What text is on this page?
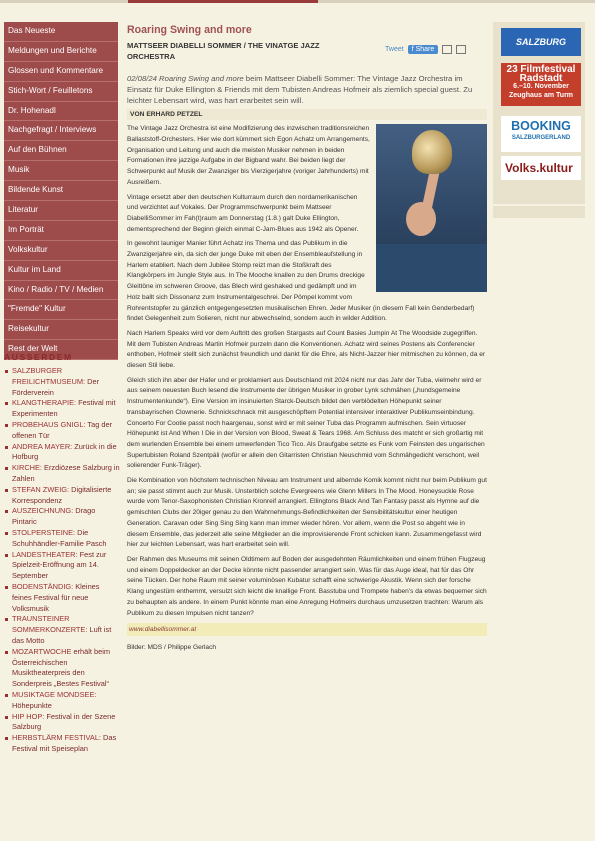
Das Neueste
Meldungen und Berichte
Glossen und Kommentare
Stich-Wort / Feuilletons
Dr. Hohenadl
Nachgefragt / Interviews
Auf den Bühnen
Musik
Bildende Kunst
Literatur
Im Porträt
Volkskultur
Kultur im Land
Kino / Radio / TV / Medien
"Fremde" Kultur
Reisekultur
Rest der Welt
AUSSERDEM
SALZBURGER FREILICHTMUSEUM: Der Förderverein
KLANGTHERAPIE: Festival mit Experimenten
PROBEHAUS GNIGL: Tag der offenen Tür
ANDREA MAYER: Zurück in die Hofburg
KIRCHE: Erzdiözese Salzburg in Zahlen
STEFAN ZWEIG: Digitalisierte Korrespondenz
AUSZEICHNUNG: Drago Pintaric
STOLPERSTEINE: Die Schuhhändler-Familie Pasch
LANDESTHEATER: Fest zur Spielzeit-Eröffnung am 14. September
BODENSTÄNDIG: Kleines feines Festival für neue Volksmusik
TRAUNSTEINER SOMMERKONZERTE: Luft ist das Motto
MOZARTWOCHE erhält beim Österreichischen Musiktheaterpreis den Sonderpreis „Bestes Festival“
MUSIKTAGE MONDSEE: Höhepunkte
HIP HOP: Festival in der Szene Salzburg
HERBSTLÄRM FESTIVAL: Das Festival mit Speiseplan
Roaring Swing and more
MATTSEER DIABELLI SOMMER / THE VINATGE JAZZ ORCHESTRA
Tweet	f Share
02/08/24 Roaring Swing and more beim Mattseer Diabelli Sommer: The Vintage Jazz Orchestra im Einsatz für Duke Ellington & Friends mit dem Tubisten Andreas Hofmeir als ziemlich special guest. Zu leichter Lebensart wird, was hart erarbeitet sein will.
VON ERHARD PETZEL

The Vintage Jazz Orchestra ist eine Modifizierung des inzwischen traditionsreichen Ballaststoff-Orchesters. Hier wie dort kümmert sich Egon Achatz um Arrangements, Organisation und Leitung und auch die meisten Musiker nehmen in beiden Formationen ihre jazzige Aufgabe in der Bigband wahr. Bei beiden liegt der Schwerpunkt auf Musik der Zwanziger bis Vierzigerjahre (voriger Jahrhunderts) mit Ausreißern.

Vintage ersetzt aber den deutschen Kulturraum durch den nordamerikanischen und verzichtet auf Vokales. Der Programmschwerpunkt beim Mattseer DiabelliSommer im Fah(t)raum am Donnerstag (1.8.) galt Duke Ellington, dementsprechend der Beginn gleich einmal C-Jam-Blues aus 1942 als Opener.

In gewohnt launiger Manier führt Achatz ins Thema und das Publikum in die Zwanzigerjahre ein, da sich der junge Duke mit eben der Ensembleaufstellung in Harlem etabliert. Nach dem Jubilee Stomp reizt man die Stoßkraft des Klangkörpers im Jungle Style aus. In The Mooche knallen zu den Drums dreckige Gleittöne im schweren Groove, das Blech wird geshaked und gedämpft und im Holz ballt sich Dissonanz zum Instrumentalgeschrei. Der Pömpel kommt vom Rohrentstopfer zu gänzlich entgegengesetzten musikalischen Ehren. Jeder Musiker (in diesem Fall kein Genderbedarf) findet Gelegenheit zum Solieren, nicht nur abwechselnd, sondern auch in wilder Addition.

Nach Harlem Speaks wird vor dem Auftritt des großen Stargasts auf Count Basies Jumpin At The Woodside zugegriffen. Mit dem Tubisten Andreas Martin Hofmeir purzeln dann die Konventionen. Achatz wird seines Postens als Conferencier enthoben, Hofmeir stellt sich zunächst freundlich und dankt für die Ehre, als Nicht-Jazzer hier mitmischen zu können, da er diesen Stil liebe.

Gleich stich ihn aber der Hafer und er proklamiert aus Deutschland mit 2024 nicht nur das Jahr der Tuba, vielmehr wird er aus seinem neuesten Buch lesend die Instrumente der übrigen Musiker in grober Lynk schmähen („hundsgemeine Instrumentenkunde“). Eine Version im insinuierten Starck-Deutsch bildet den verblödelten Höhepunkt seiner transbayrischen Clownerie. Schnickschnack mit ausgeschöpftem Potential intensiver interaktiver Publikumseinbindung. Concerto For Cootie passt noch haargenau, sonst wird er mit seiner Tuba das Programm aufmischen. Sein virtuoser Höhepunkt ist And When I Die in der Version von Blood, Sweat & Tears 1968. Am Schluss des matcht er sich großartig mit dem wurlenden Ensemble bei einem umwerfenden Tico Tico. Als Draufgabe setzte es Funk vom Feinsten des ungarischen Supertubisten Roland Szentpáli (wofür er allein den Gitarristen Christian Neuschmid vom Schmähgedicht verschont, weil solierender Funk-Träger).

Die Kombination von höchstem technischen Niveau am Instrument und albernde Komik kommt nicht nur beim Publikum gut an; sie passt stimmt auch zur Musik. Unsterblich solche Evergreens wie Glenn Millers In The Mood. Honeysuckle Rose wurde vom Tenor-Saxophonisten Christian Kronreif arrangiert. Ellingtons Black And Tan Fantasy passt als Hymne auf die gemischten Clubs der 20iger genau zu den Wahrnehmungs-Befindlichkeiten der Sensibilitätskultur einer heutigen Generation. Caravan oder Sing Sing Sing kann man immer wieder hören. Vor allem, wenn die Post so abgeht wie in diesem Ensemble, das jederzeit alle seine Mitglieder an die improvisierende Front schicken kann. Zusammengefasst wird hier zur leichten Lebensart, was hart erarbeitet sein will.

Der Rahmen des Museums mit seinen Oldtimern auf Boden der ausgedehnten Räumlichkeiten und einem frühen Flugzeug und einem Doppeldecker an der Decke könnte nicht passender arrangiert sein. Was für das Auge ideal, hat für das Ohr seine Tücken. Der hohe Raum mit seiner voluminösen Kubatur schafft eine schwierige Akustik. Wenn sich der forsche Klang ungestüm enthemmt, versulzt sich leicht die knallige Front. Basstuba und Trompete haben's da etwas bequemer sich zu behaupten als andere. In einem Punkt könnte man eine Anregung Hofmeirs durchaus umzusetzen trachten: Warum als Publikum zu diesen Impulsen nicht tanzen?

www.diabellisommer.at
Bilder: MDS / Philippe Gerlach
SALZBURG
23 Filmfestival
Radstadt
6.–10. November
Zeughaus am Turm
BOOKING
SALZBURGERLAND
Volks.kultur
